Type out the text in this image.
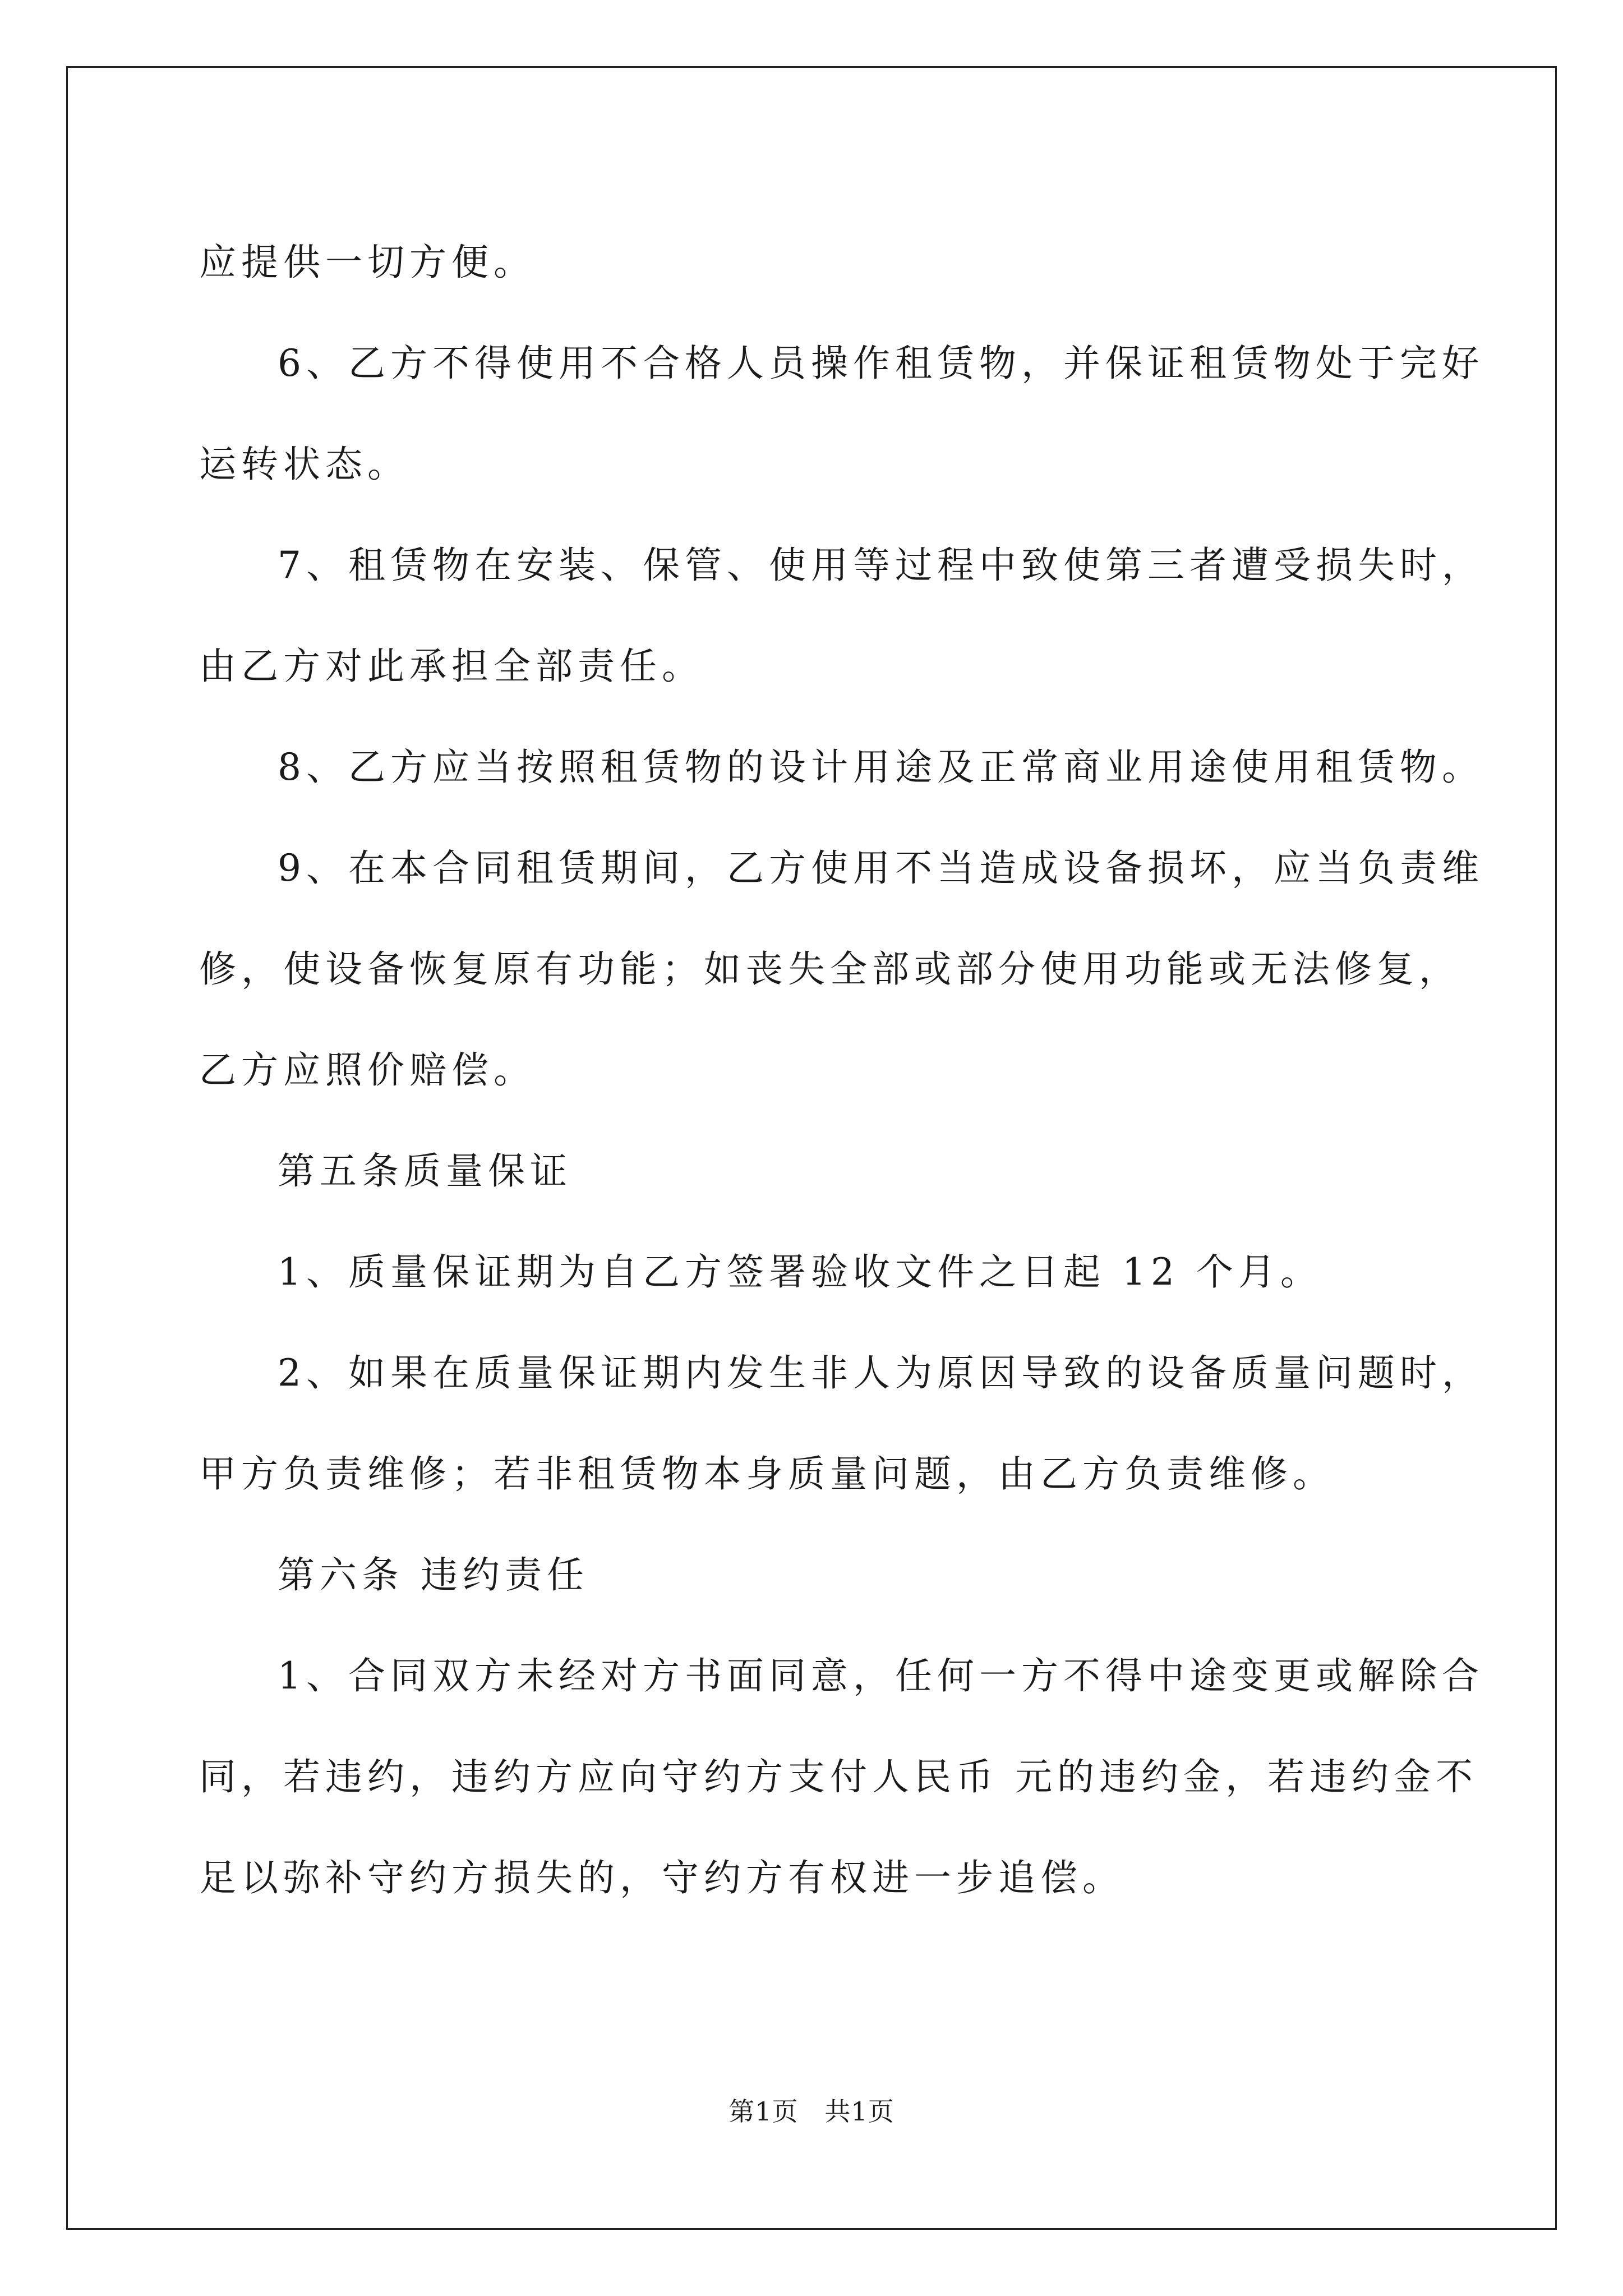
应提供一切方便。
6、乙方不得使用不合格人员操作租赁物，并保证租赁物处于完好
运转状态。
7、租赁物在安装、保管、使用等过程中致使第三者遭受损失时，
由乙方对此承担全部责任。
8、乙方应当按照租赁物的设计用途及正常商业用途使用租赁物。
9、在本合同租赁期间，乙方使用不当造成设备损坏，应当负责维
修，使设备恢复原有功能；如丧失全部或部分使用功能或无法修复，
乙方应照价赔偿。
第五条质量保证
1、质量保证期为自乙方签署验收文件之日起 12 个月。
2、如果在质量保证期内发生非人为原因导致的设备质量问题时，
甲方负责维修；若非租赁物本身质量问题，由乙方负责维修。
第六条 违约责任
1、合同双方未经对方书面同意，任何一方不得中途变更或解除合
同，若违约，违约方应向守约方支付人民币 元的违约金，若违约金不
足以弥补守约方损失的，守约方有权进一步追偿。
第1页   共1页
